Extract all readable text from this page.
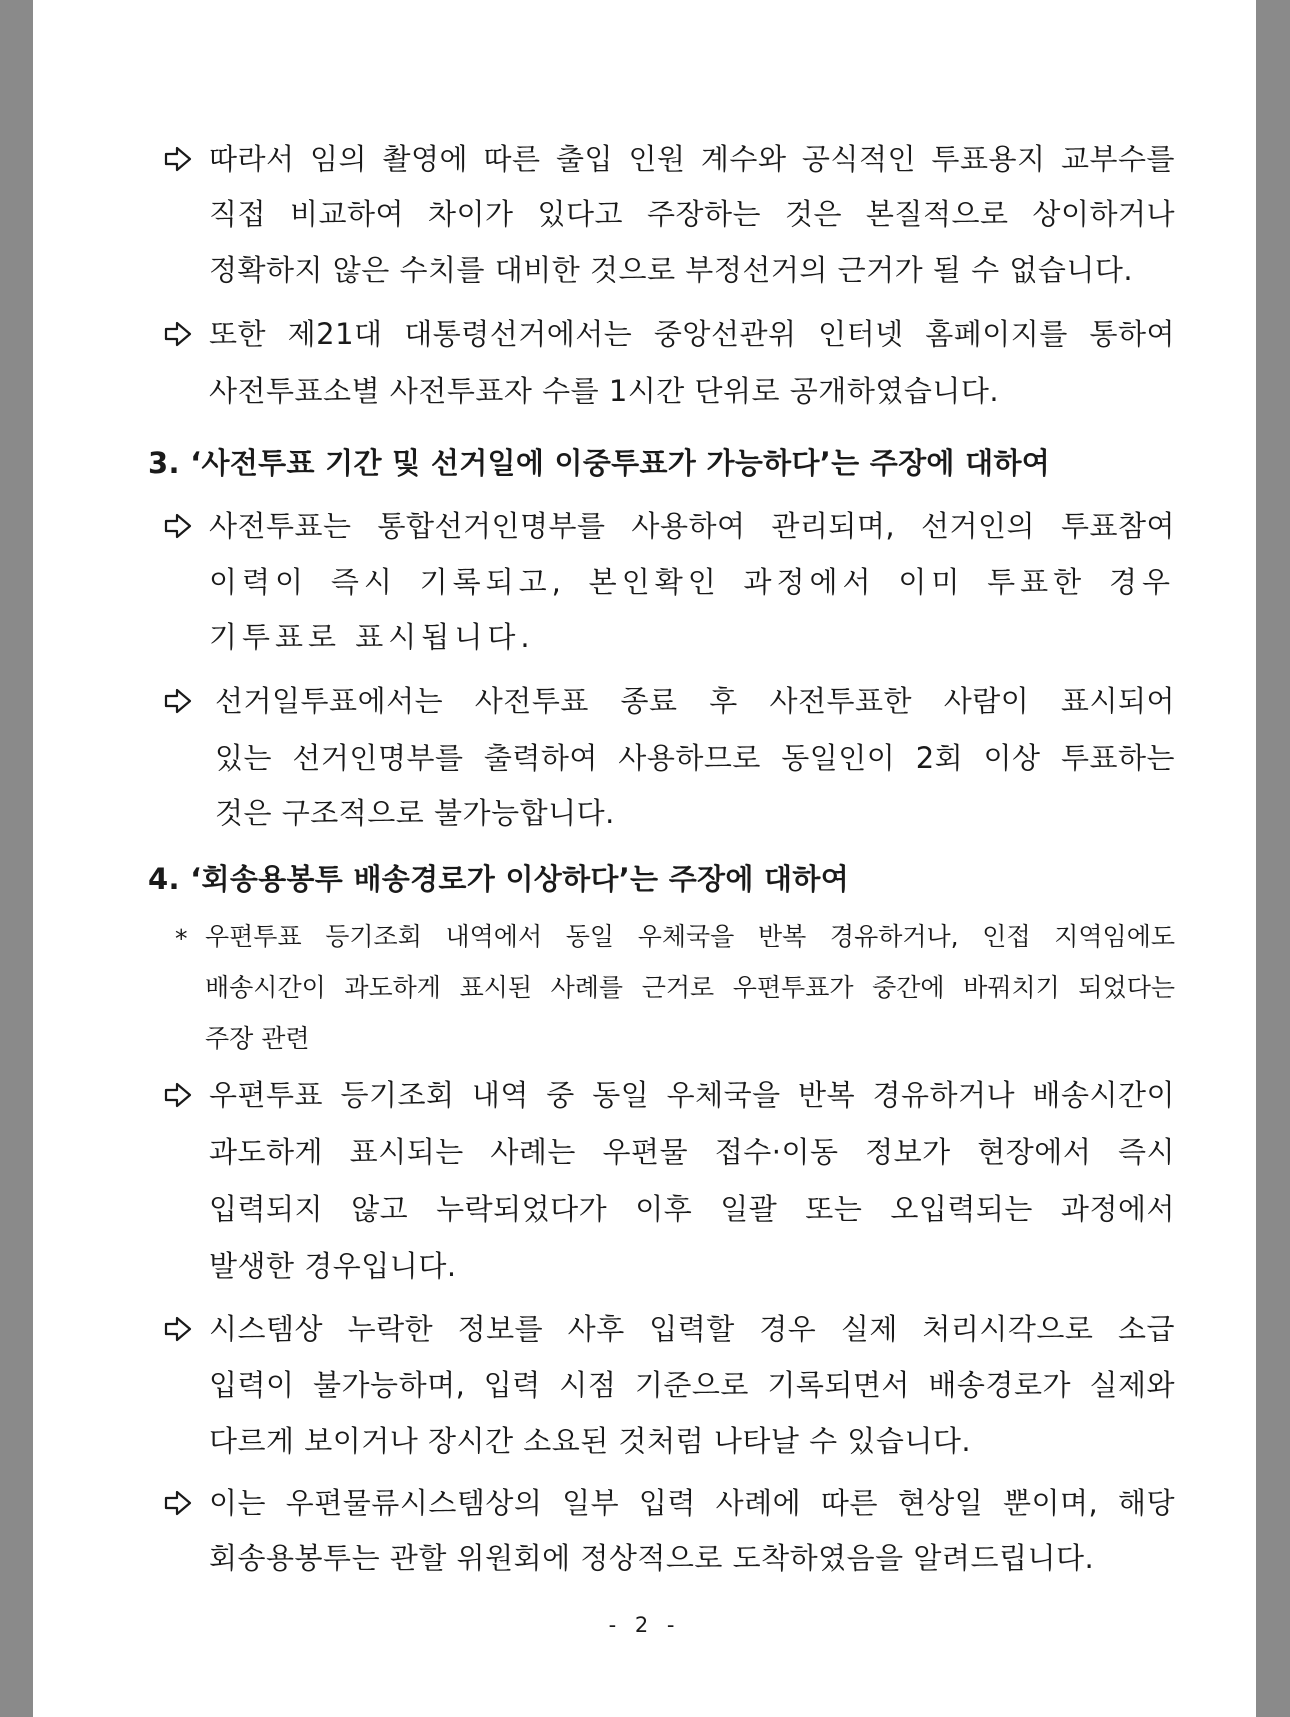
따라서 임의 촬영에 따른 출입 인원 계수와 공식적인 투표용지 교부수를
직접 비교하여 차이가 있다고 주장하는 것은 본질적으로 상이하거나
정확하지 않은 수치를 대비한 것으로 부정선거의 근거가 될 수 없습니다.
또한 제21대 대통령선거에서는 중앙선관위 인터넷 홈페이지를 통하여
사전투표소별 사전투표자 수를 1시간 단위로 공개하였습니다.
3. ‘사전투표 기간 및 선거일에 이중투표가 가능하다’는 주장에 대하여
사전투표는 통합선거인명부를 사용하여 관리되며, 선거인의 투표참여
이력이 즉시 기록되고, 본인확인 과정에서 이미 투표한 경우
기투표로 표시됩니다.
선거일투표에서는 사전투표 종료 후 사전투표한 사람이 표시되어
있는 선거인명부를 출력하여 사용하므로 동일인이 2회 이상 투표하는
것은 구조적으로 불가능합니다.
4. ‘회송용봉투 배송경로가 이상하다’는 주장에 대하여
* 우편투표 등기조회 내역에서 동일 우체국을 반복 경유하거나, 인접 지역임에도
배송시간이 과도하게 표시된 사례를 근거로 우편투표가 중간에 바꿔치기 되었다는
주장 관련
우편투표 등기조회 내역 중 동일 우체국을 반복 경유하거나 배송시간이
과도하게 표시되는 사례는 우편물 접수·이동 정보가 현장에서 즉시
입력되지 않고 누락되었다가 이후 일괄 또는 오입력되는 과정에서
발생한 경우입니다.
시스템상 누락한 정보를 사후 입력할 경우 실제 처리시각으로 소급
입력이 불가능하며, 입력 시점 기준으로 기록되면서 배송경로가 실제와
다르게 보이거나 장시간 소요된 것처럼 나타날 수 있습니다.
이는 우편물류시스템상의 일부 입력 사례에 따른 현상일 뿐이며, 해당
회송용봉투는 관할 위원회에 정상적으로 도착하였음을 알려드립니다.
- 2 -
